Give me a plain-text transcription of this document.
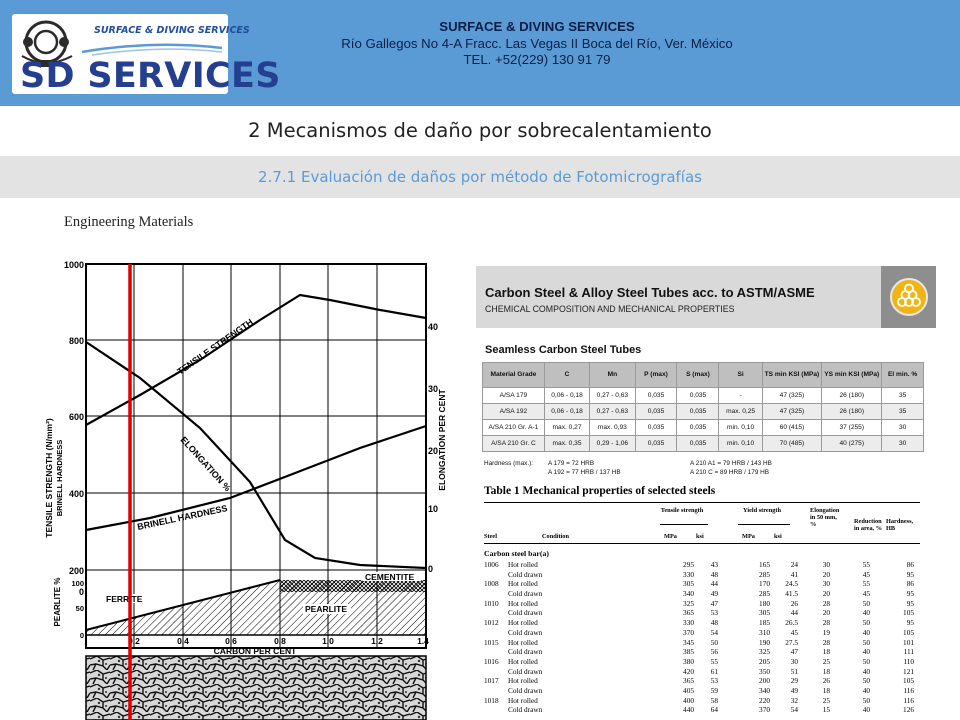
SURFACE & DIVING SERVICES
SD SERVICES
SURFACE & DIVING SERVICES
Río Gallegos No 4-A Fracc. Las Vegas II Boca del Río, Ver. México
TEL. +52(229) 130 91 79
2 Mecanismos de daño por sobrecalentamiento
2.7.1 Evaluación de daños por método de Fotomicrografías
Engineering Materials
TENSILE STRENGTH
ELONGATION %
BRINELL HARDNESS
CEMENTITE
FERRITE
PEARLITE
1000
800
600
400
200
0
100
50
0
40
30
20
10
0
0.2	0.4	0.6	0.8	1.0	1.2	1.4
TENSILE STRENGTH (N/mm²) BRINELL HARDNESS
PEARLITE %
ELONGATION PER CENT
CARBON PER CENT
Carbon Steel & Alloy Steel Tubes acc. to ASTM/ASME
CHEMICAL COMPOSITION AND MECHANICAL PROPERTIES
Seamless Carbon Steel Tubes
Material Grade	C	Mn	P (max)	S (max)	Si	TS min KSI (MPa)	YS min KSI (MPa)	El min. %
A/SA 179	0,06 - 0,18	0,27 - 0,63	0,035	0,035	-	47 (325)	26 (180)	35
A/SA 192	0,06 - 0,18	0,27 - 0,63	0,035	0,035	max. 0,25	47 (325)	26 (180)	35
A/SA 210 Gr. A-1	max. 0,27	max. 0,93	0,035	0,035	min. 0,10	60 (415)	37 (255)	30
A/SA 210 Gr. C	max. 0,35	0,29 - 1,06	0,035	0,035	min. 0,10	70 (485)	40 (275)	30
Hardness (max.): A 179 = 72 HRB
A 192 = 77 HRB / 137 HB
A 210 A1 = 79 HRB / 143 HB
A 210 C = 89 HRB / 179 HB
Table 1 Mechanical properties of selected steels
Tensile strength	Yield strength	Elongation in 50 mm, %	Reduction in area, %
Hardness, HB
Steel	Condition	MPa	ksi	MPa	ksi
Carbon steel bar(a)
1006	Hot rolled	295	43	165	24	30	55	86
Cold drawn	330	48	285	41	20	45	95
1008	Hot rolled	305	44	170	24.5	30	55	86
Cold drawn	340	49	285	41.5	20	45	95
1010	Hot rolled	325	47	180	26	28	50	95
Cold drawn	365	53	305	44	20	40	105
1012	Hot rolled	330	48	185	26.5	28	50	95
Cold drawn	370	54	310	45	19	40	105
1015	Hot rolled	345	50	190	27.5	28	50	101
Cold drawn	385	56	325	47	18	40	111
1016	Hot rolled	380	55	205	30	25	50	110
Cold drawn	420	61	350	51	18	40	121
1017	Hot rolled	365	53	200	29	26	50	105
Cold drawn	405	59	340	49	18	40	116
1018	Hot rolled	400	58	220	32	25	50	116
Cold drawn	440	64	370	54	15	40	126
